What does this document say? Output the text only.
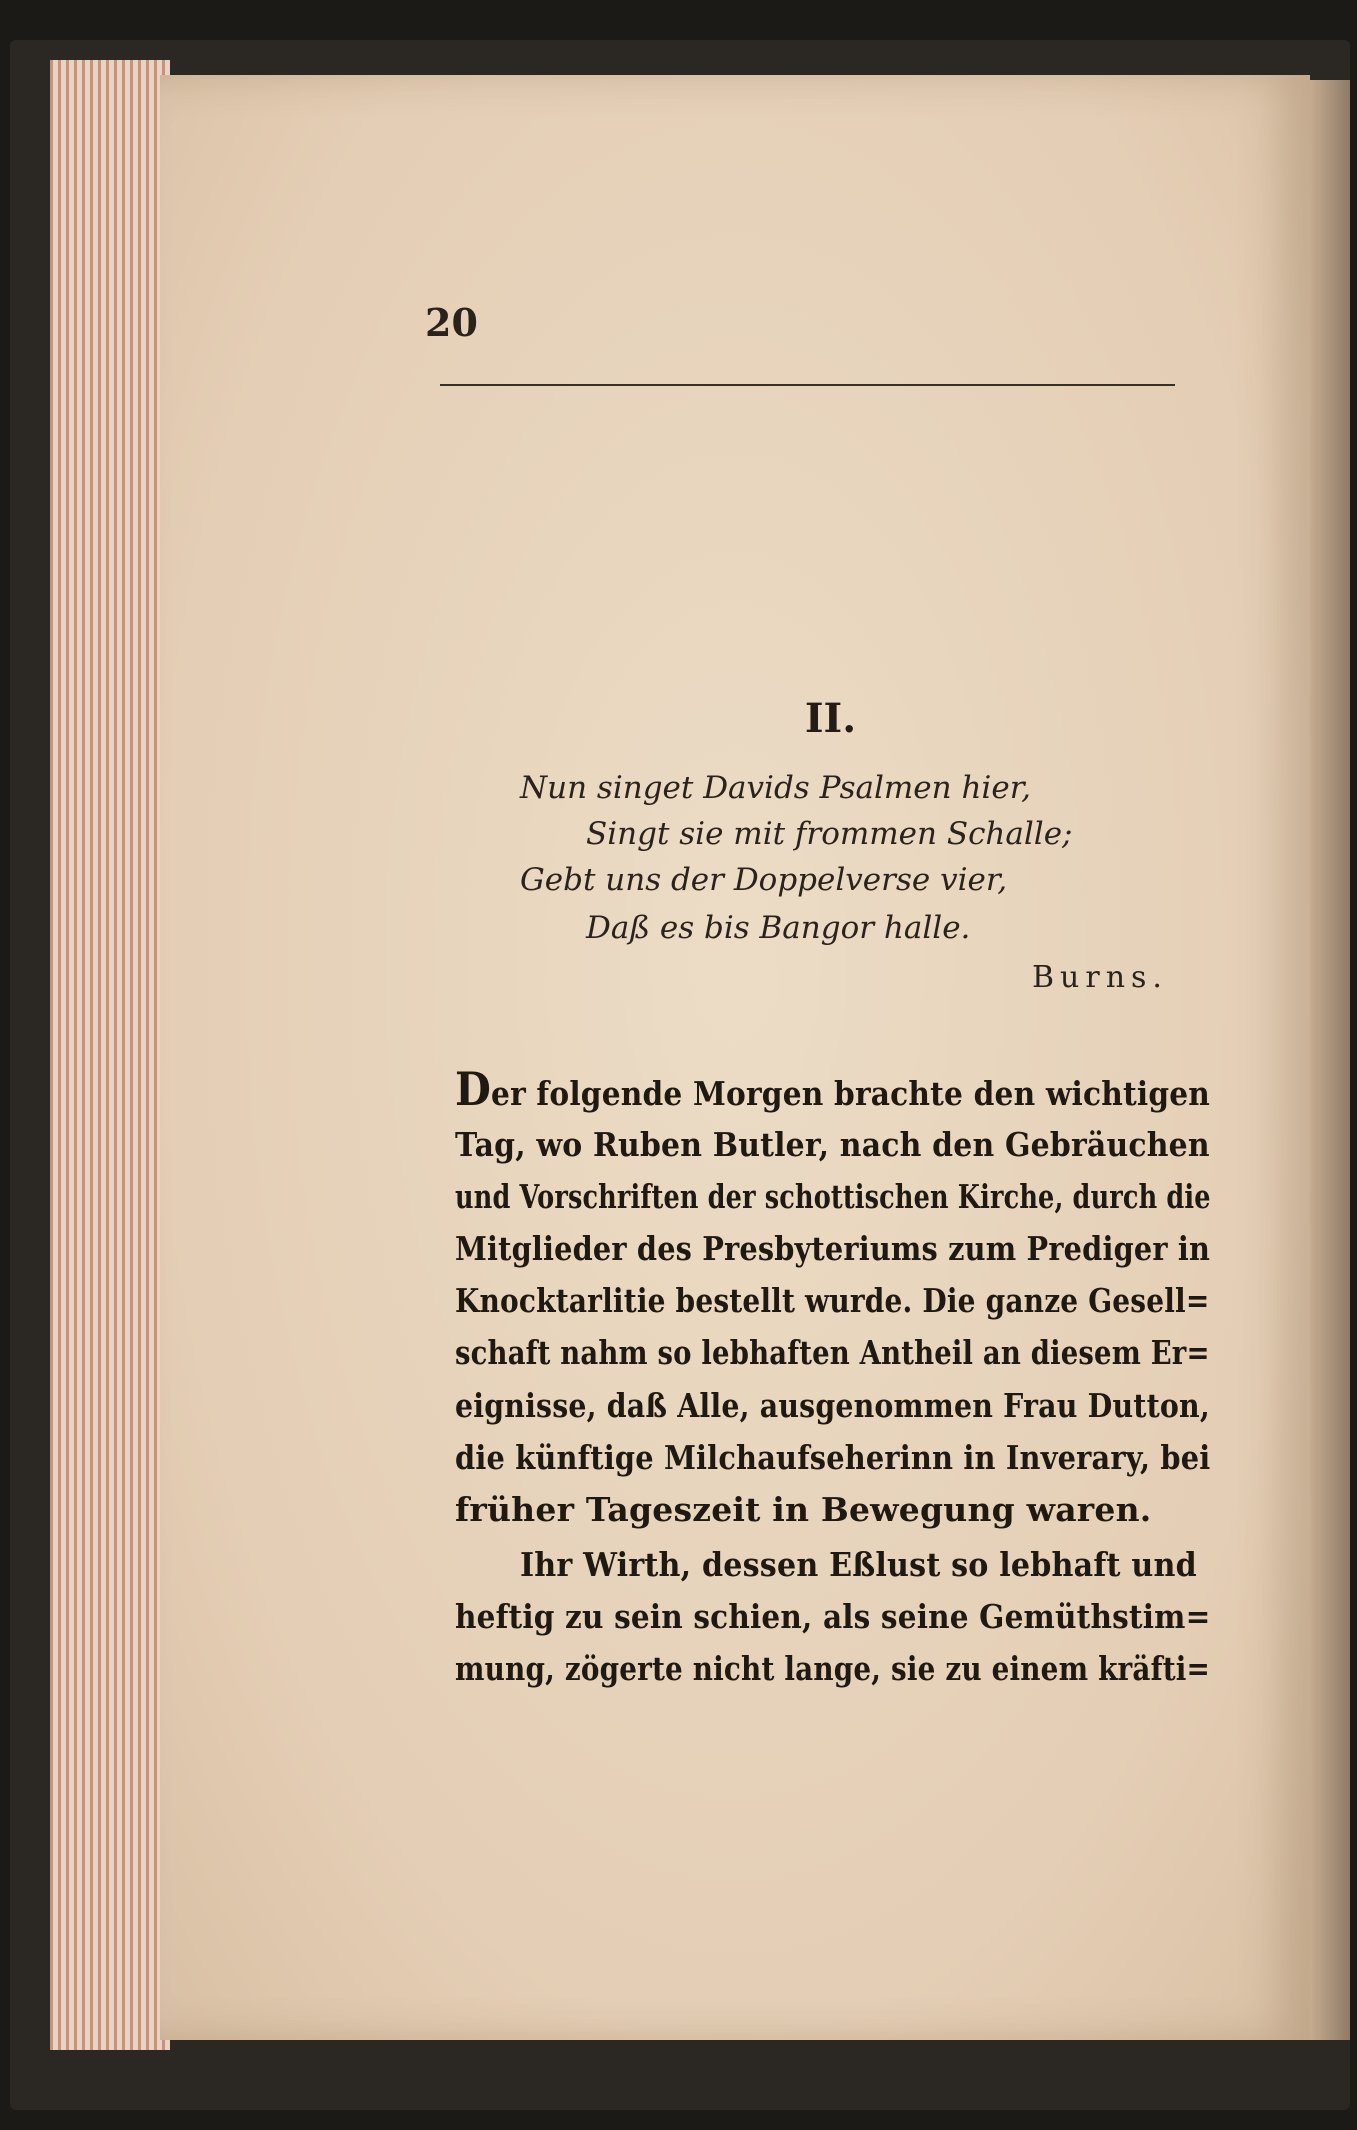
20
II.
Nun singet Davids Psalmen hier,
Singt sie mit frommen Schalle;
Gebt uns der Doppelverse vier,
Daß es bis Bangor halle.
Burns.
Der folgende Morgen brachte den wichtigen
Tag, wo Ruben Butler, nach den Gebräuchen
und Vorschriften der schottischen Kirche, durch die
Mitglieder des Presbyteriums zum Prediger in
Knocktarlitie bestellt wurde. Die ganze Gesell=
schaft nahm so lebhaften Antheil an diesem Er=
eignisse, daß Alle, ausgenommen Frau Dutton,
die künftige Milchaufseherinn in Inverary, bei
früher Tageszeit in Bewegung waren.
Ihr Wirth, dessen Eßlust so lebhaft und
heftig zu sein schien, als seine Gemüthstim=
mung, zögerte nicht lange, sie zu einem kräfti=
